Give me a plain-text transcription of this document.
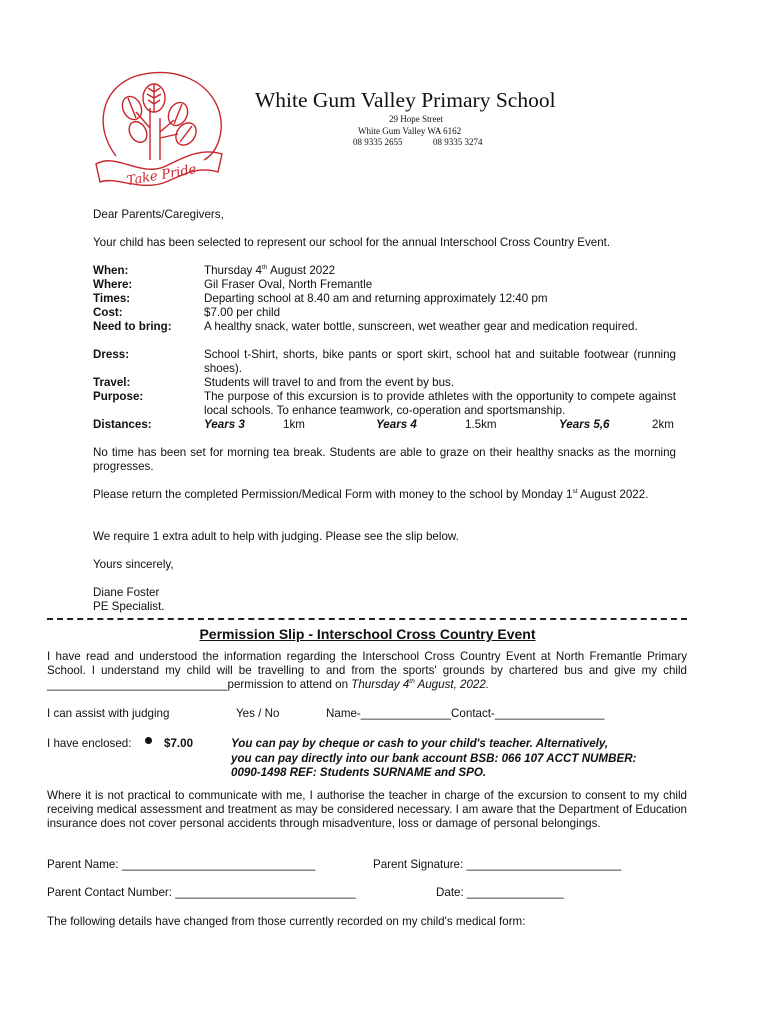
Take Pride
White Gum Valley Primary School
29 Hope Street
White Gum Valley WA 6162
08 9335 2655	08 9335 3274
Dear Parents/Caregivers,
Your child has been selected to represent our school for the annual Interschool Cross Country Event.
When:	Thursday 4th August 2022
Where:	Gil Fraser Oval, North Fremantle
Times:	Departing school at 8.40 am and returning approximately 12:40 pm
Cost:	$7.00 per child
Need to bring:	A healthy snack, water bottle, sunscreen, wet weather gear and medication required.
Dress:	School t-Shirt, shorts, bike pants or sport skirt, school hat and suitable footwear (running shoes).
Travel:	Students will travel to and from the event by bus.
Purpose:	The purpose of this excursion is to provide athletes with the opportunity to compete against local schools. To enhance teamwork, co-operation and sportsmanship.
Distances:	Years 3	1km	Years 4	1.5km	Years 5,6	2km
No time has been set for morning tea break. Students are able to graze on their healthy snacks as the morning progresses.
Please return the completed Permission/Medical Form with money to the school by Monday 1st August 2022.
We require 1 extra adult to help with judging. Please see the slip below.
Yours sincerely,
Diane Foster
PE Specialist.
Permission Slip - Interschool Cross Country Event
I have read and understood the information regarding the Interschool Cross Country Event at North Fremantle Primary School. I understand my child will be travelling to and from the sports' grounds by chartered bus and give my child ____________________________permission to attend on Thursday 4th August, 2022.
I can assist with judging	Yes / No	Name-______________Contact-_________________
I have enclosed:	$7.00	You can pay by cheque or cash to your child's teacher. Alternatively,
you can pay directly into our bank account BSB: 066 107 ACCT NUMBER:
0090-1498 REF: Students SURNAME and SPO.
Where it is not practical to communicate with me, I authorise the teacher in charge of the excursion to consent to my child receiving medical assessment and treatment as may be considered necessary. I am aware that the Department of Education insurance does not cover personal accidents through misadventure, loss or damage of personal belongings.
Parent Name: ______________________________	Parent Signature: ________________________
Parent Contact Number: ____________________________	Date: _______________
The following details have changed from those currently recorded on my child's medical form:
